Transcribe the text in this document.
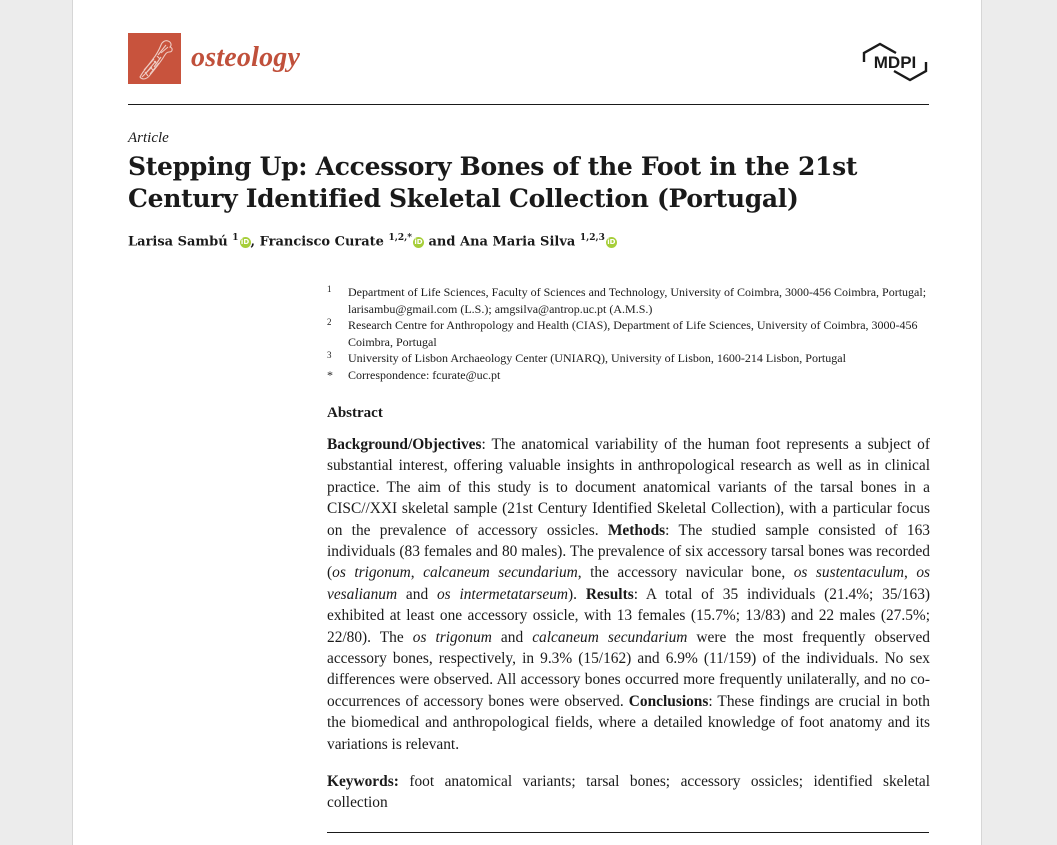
osteology	MDPI
Article
Stepping Up: Accessory Bones of the Foot in the 21st Century Identified Skeletal Collection (Portugal)
Larisa Sambú $^1$ iD, Francisco Curate $^{1,2,*}$ iD and Ana Maria Silva $^{1,2,3}$ iD
1 Department of Life Sciences, Faculty of Sciences and Technology, University of Coimbra, 3000-456 Coimbra, Portugal; larisambu@gmail.com (L.S.); amgsilva@antrop.uc.pt (A.M.S.)
2 Research Centre for Anthropology and Health (CIAS), Department of Life Sciences, University of Coimbra, 3000-456 Coimbra, Portugal
3 University of Lisbon Archaeology Center (UNIARQ), University of Lisbon, 1600-214 Lisbon, Portugal
* Correspondence: fcurate@uc.pt
Abstract
Background/Objectives: The anatomical variability of the human foot represents a subject of substantial interest, offering valuable insights in anthropological research as well as in clinical practice. The aim of this study is to document anatomical variants of the tarsal bones in a CISC//XXI skeletal sample (21st Century Identified Skeletal Collection), with a particular focus on the prevalence of accessory ossicles. Methods: The studied sample consisted of 163 individuals (83 females and 80 males). The prevalence of six accessory tarsal bones was recorded (os trigonum, calcaneum secundarium, the accessory navicular bone, os sustentaculum, os vesalianum and os intermetatarseum). Results: A total of 35 individuals (21.4%; 35/163) exhibited at least one accessory ossicle, with 13 females (15.7%; 13/83) and 22 males (27.5%; 22/80). The os trigonum and calcaneum secundarium were the most frequently observed accessory bones, respectively, in 9.3% (15/162) and 6.9% (11/159) of the individuals. No sex differences were observed. All accessory bones occurred more frequently unilaterally, and no co-occurrences of accessory bones were observed. Conclusions: These findings are crucial in both the biomedical and anthropological fields, where a detailed knowledge of foot anatomy and its variations is relevant.
Keywords: foot anatomical variants; tarsal bones; accessory ossicles; identified skeletal collection
